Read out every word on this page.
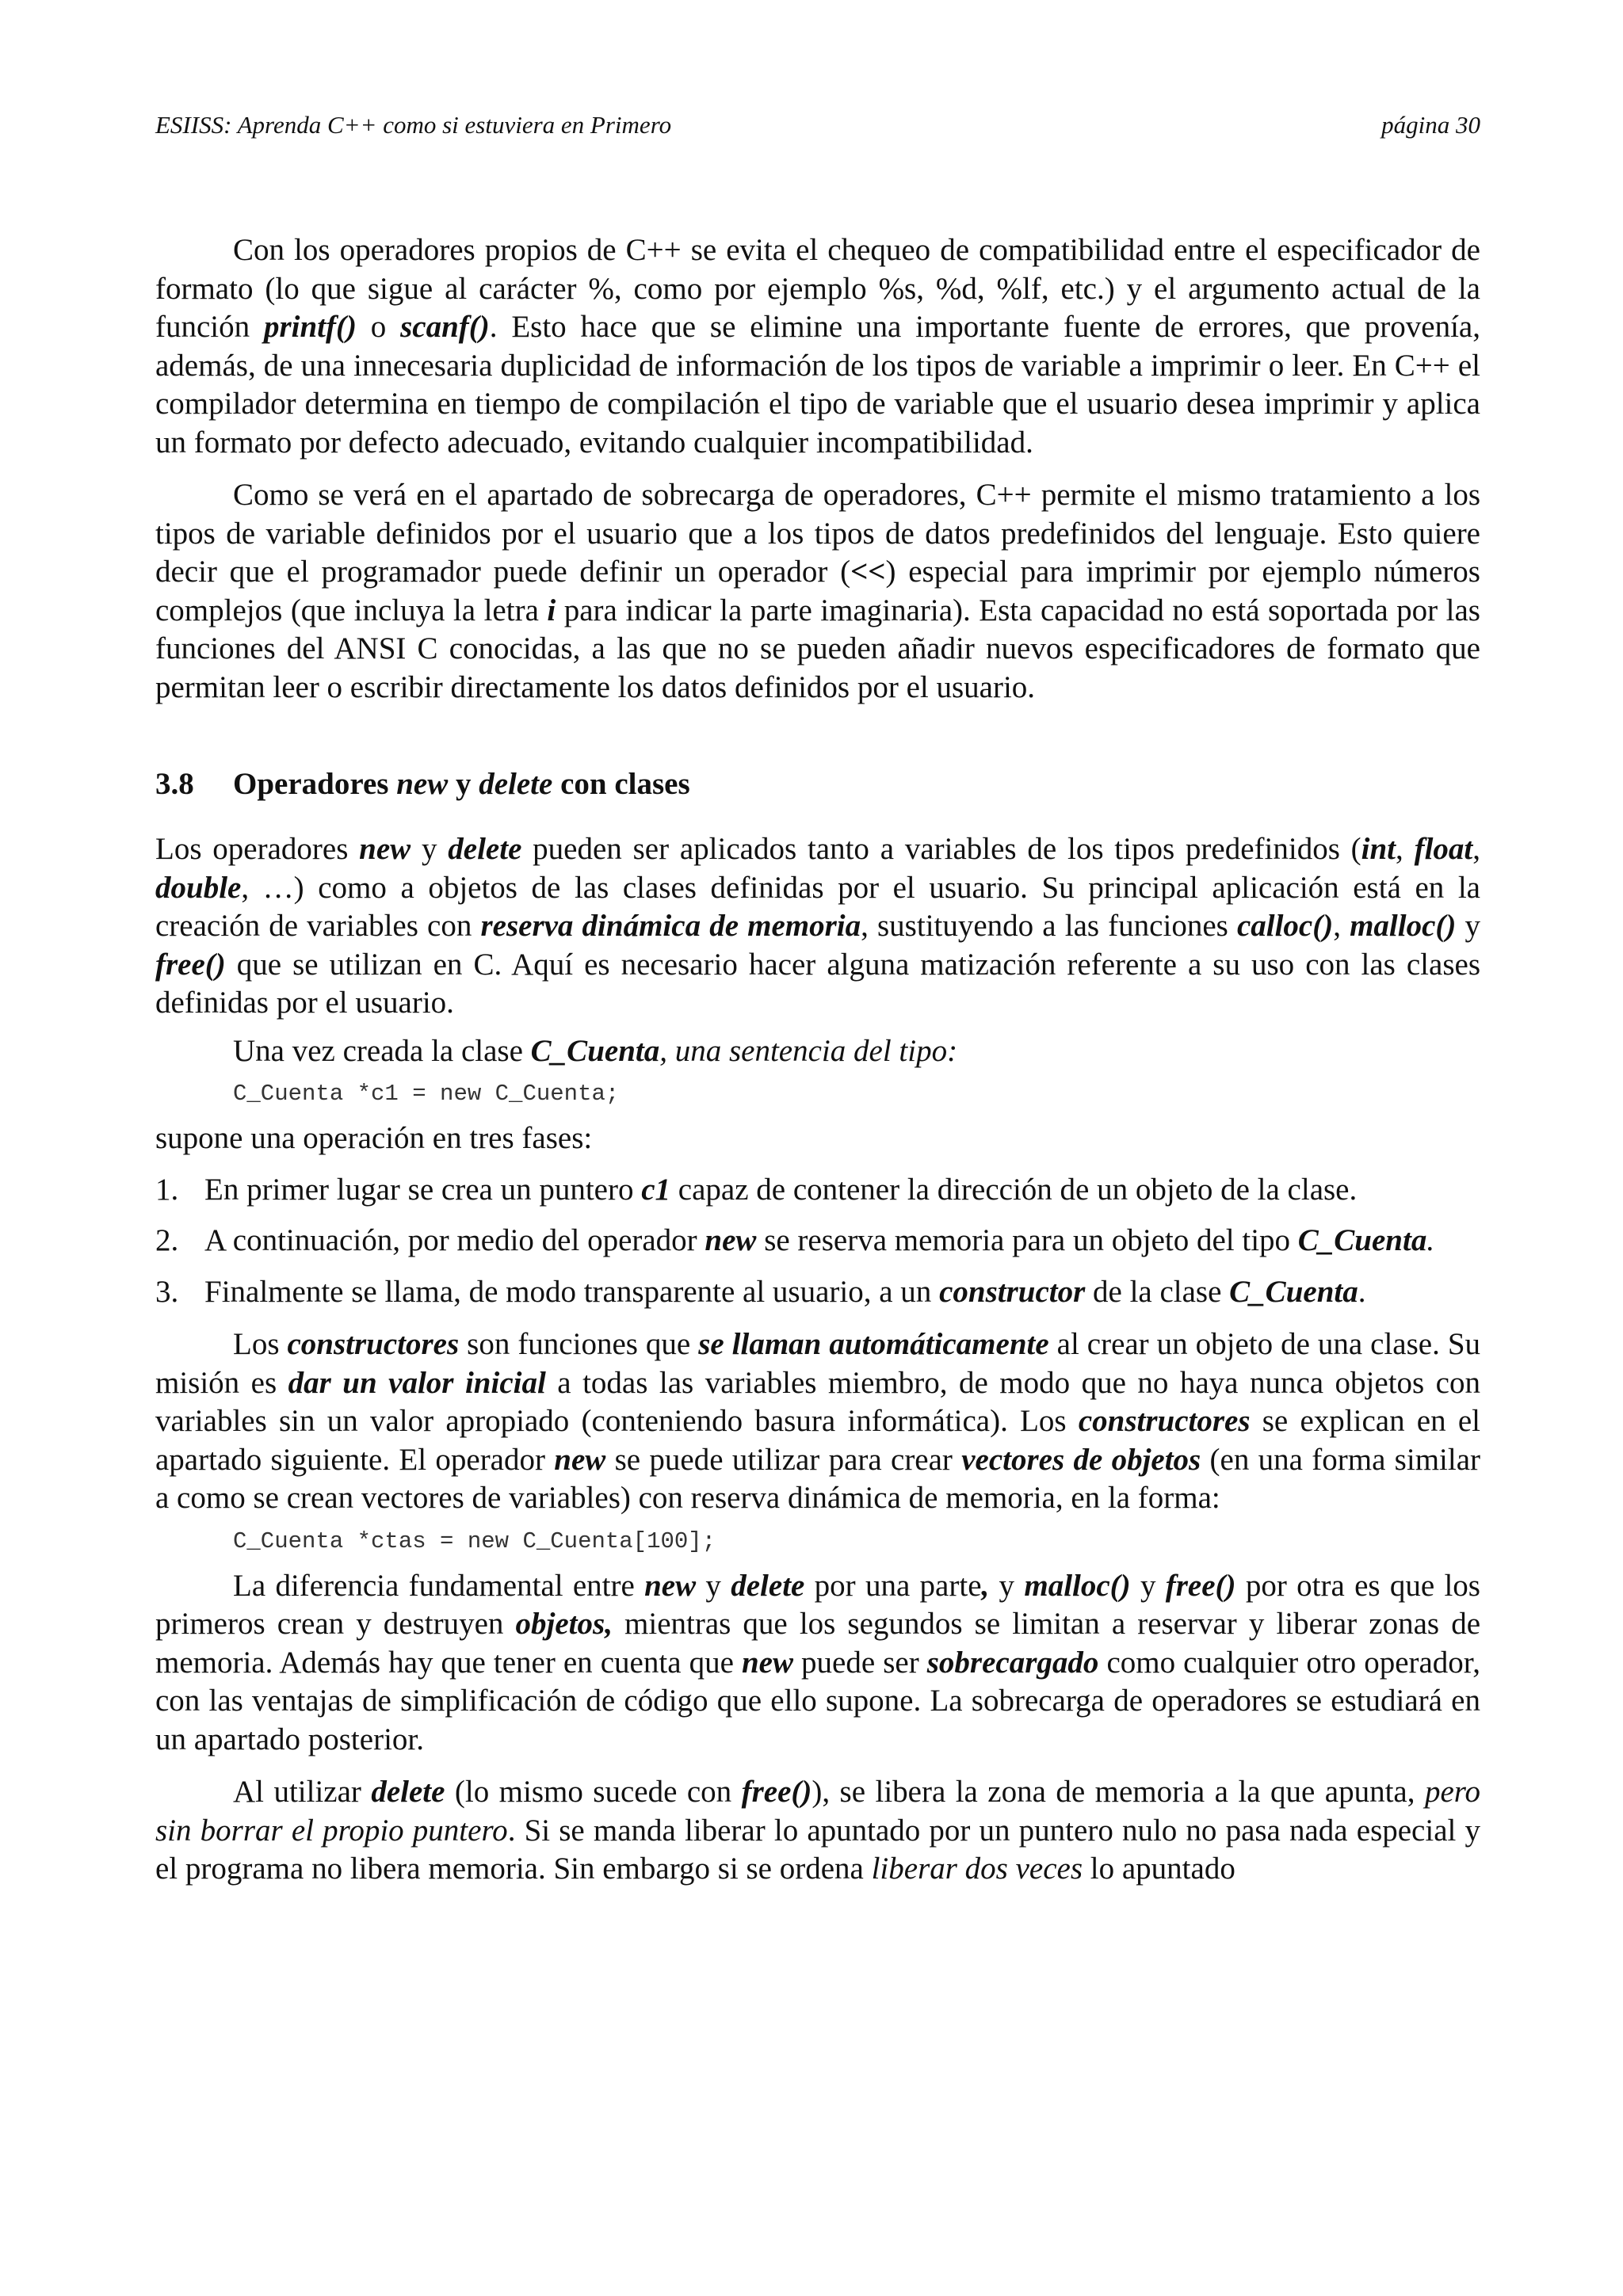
ESIISS: Aprenda C++ como si estuviera en Primero	página 30

Con los operadores propios de C++ se evita el chequeo de compatibilidad entre el especificador de formato (lo que sigue al carácter %, como por ejemplo %s, %d, %lf, etc.) y el argumento actual de la función printf() o scanf(). Esto hace que se elimine una importante fuente de errores, que provenía, además, de una innecesaria duplicidad de información de los tipos de variable a imprimir o leer. En C++ el compilador determina en tiempo de compilación el tipo de variable que el usuario desea imprimir y aplica un formato por defecto adecuado, evitando cualquier incompatibilidad.

Como se verá en el apartado de sobrecarga de operadores, C++ permite el mismo tratamiento a los tipos de variable definidos por el usuario que a los tipos de datos predefinidos del lenguaje. Esto quiere decir que el programador puede definir un operador (<<) especial para imprimir por ejemplo números complejos (que incluya la letra i para indicar la parte imaginaria). Esta capacidad no está soportada por las funciones del ANSI C conocidas, a las que no se pueden añadir nuevos especificadores de formato que permitan leer o escribir directamente los datos definidos por el usuario.

3.8	Operadores new y delete con clases

Los operadores new y delete pueden ser aplicados tanto a variables de los tipos predefinidos (int, float, double, …) como a objetos de las clases definidas por el usuario. Su principal aplicación está en la creación de variables con reserva dinámica de memoria, sustituyendo a las funciones calloc(), malloc() y free() que se utilizan en C. Aquí es necesario hacer alguna matización referente a su uso con las clases definidas por el usuario.

Una vez creada la clase C_Cuenta, una sentencia del tipo:

C_Cuenta *c1 = new C_Cuenta;

supone una operación en tres fases:

1. En primer lugar se crea un puntero c1 capaz de contener la dirección de un objeto de la clase.
2. A continuación, por medio del operador new se reserva memoria para un objeto del tipo C_Cuenta.
3. Finalmente se llama, de modo transparente al usuario, a un constructor de la clase C_Cuenta.

Los constructores son funciones que se llaman automáticamente al crear un objeto de una clase. Su misión es dar un valor inicial a todas las variables miembro, de modo que no haya nunca objetos con variables sin un valor apropiado (conteniendo basura informática). Los constructores se explican en el apartado siguiente. El operador new se puede utilizar para crear vectores de objetos (en una forma similar a como se crean vectores de variables) con reserva dinámica de memoria, en la forma:

C_Cuenta *ctas = new C_Cuenta[100];

La diferencia fundamental entre new y delete por una parte, y malloc() y free() por otra es que los primeros crean y destruyen objetos, mientras que los segundos se limitan a reservar y liberar zonas de memoria. Además hay que tener en cuenta que new puede ser sobrecargado como cualquier otro operador, con las ventajas de simplificación de código que ello supone. La sobrecarga de operadores se estudiará en un apartado posterior.

Al utilizar delete (lo mismo sucede con free()), se libera la zona de memoria a la que apunta, pero sin borrar el propio puntero. Si se manda liberar lo apuntado por un puntero nulo no pasa nada especial y el programa no libera memoria. Sin embargo si se ordena liberar dos veces lo apuntado
